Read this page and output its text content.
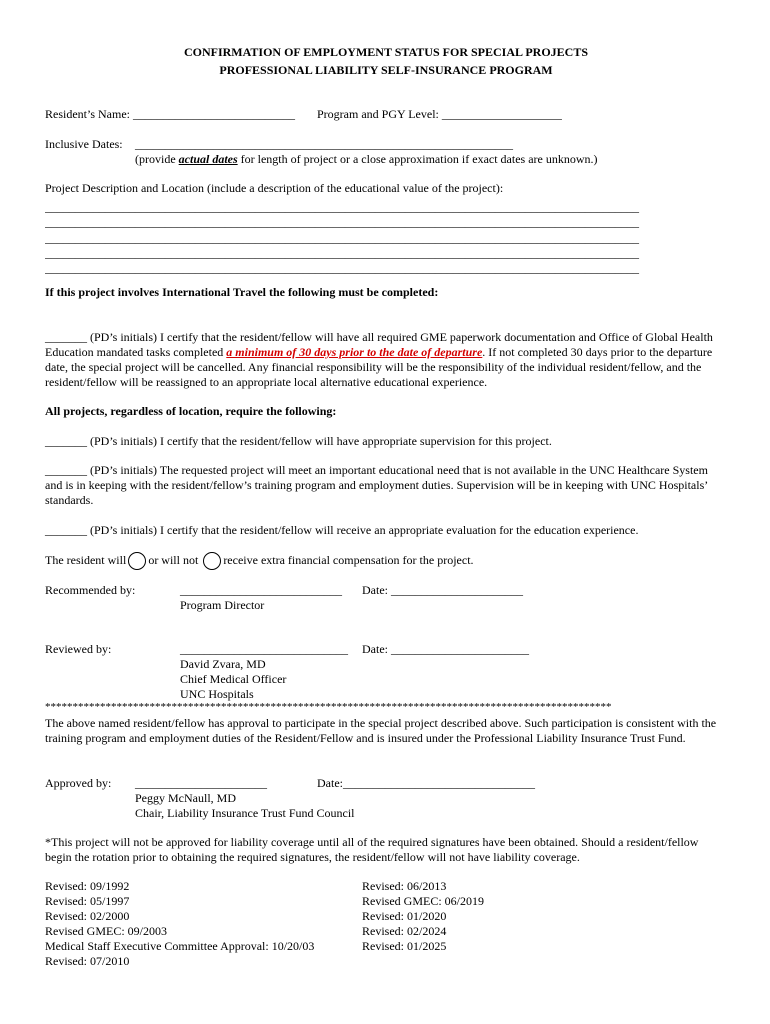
CONFIRMATION OF EMPLOYMENT STATUS FOR SPECIAL PROJECTS
PROFESSIONAL LIABILITY SELF-INSURANCE PROGRAM
Resident’s Name: ___________________________ Program and PGY Level: ____________________
Inclusive Dates: _______________________________________________________________
(provide actual dates for length of project or a close approximation if exact dates are unknown.)
Project Description and Location (include a description of the educational value of the project):
___________________________________________________________________________________________________
___________________________________________________________________________________________________
___________________________________________________________________________________________________
___________________________________________________________________________________________________
___________________________________________________________________________________________________
If this project involves International Travel the following must be completed:
_______ (PD’s initials) I certify that the resident/fellow will have all required GME paperwork documentation and Office of Global Health Education mandated tasks completed a minimum of 30 days prior to the date of departure. If not completed 30 days prior to the departure date, the special project will be cancelled. Any financial responsibility will be the responsibility of the individual resident/fellow, and the resident/fellow will be reassigned to an appropriate local alternative educational experience.
All projects, regardless of location, require the following:
_______ (PD’s initials) I certify that the resident/fellow will have appropriate supervision for this project.
_______ (PD’s initials) The requested project will meet an important educational need that is not available in the UNC Healthcare System and is in keeping with the resident/fellow’s training program and employment duties. Supervision will be in keeping with UNC Hospitals’ standards.
_______ (PD’s initials) I certify that the resident/fellow will receive an appropriate evaluation for the education experience.
The resident will or will not receive extra financial compensation for the project.
Recommended by:	___________________________ Date: ______________________
Program Director
Reviewed by:	____________________________ Date: _______________________
David Zvara, MD
Chief Medical Officer
UNC Hospitals
*******************************************************************************************************
The above named resident/fellow has approval to participate in the special project described above. Such participation is consistent with the training program and employment duties of the Resident/Fellow and is insured under the Professional Liability Insurance Trust Fund.
Approved by: ______________________	Date:________________________________
Peggy McNaull, MD
Chair, Liability Insurance Trust Fund Council
*This project will not be approved for liability coverage until all of the required signatures have been obtained. Should a resident/fellow begin the rotation prior to obtaining the required signatures, the resident/fellow will not have liability coverage.
Revised: 09/1992
Revised: 05/1997
Revised: 02/2000
Revised GMEC: 09/2003
Medical Staff Executive Committee Approval: 10/20/03
Revised: 07/2010
Revised: 06/2013
Revised GMEC: 06/2019
Revised: 01/2020
Revised: 02/2024
Revised: 01/2025
